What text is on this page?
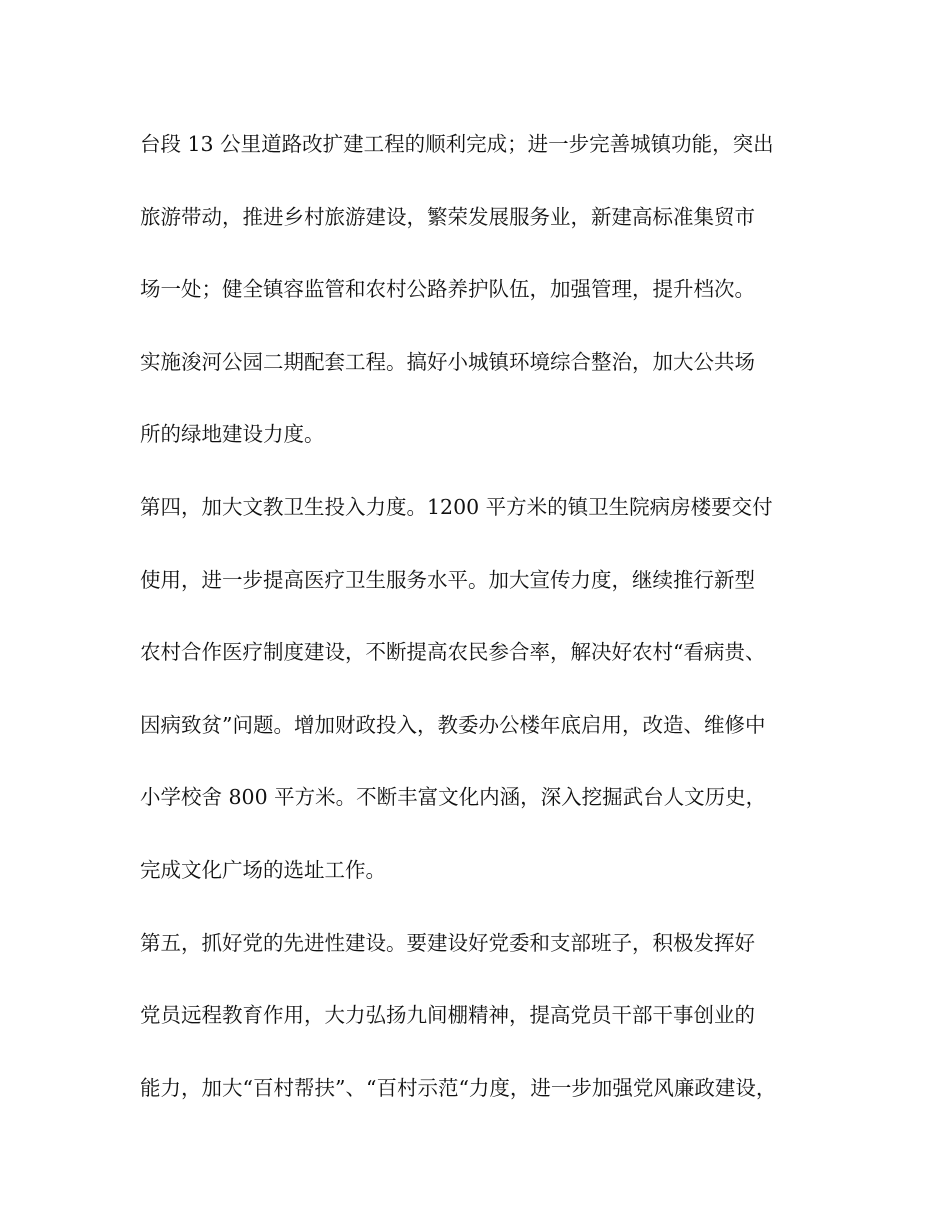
台段 13 公里道路改扩建工程的顺利完成；进一步完善城镇功能，突出
旅游带动，推进乡村旅游建设，繁荣发展服务业，新建高标准集贸市
场一处；健全镇容监管和农村公路养护队伍，加强管理，提升档次。
实施浚河公园二期配套工程。搞好小城镇环境综合整治，加大公共场
所的绿地建设力度。
第四，加大文教卫生投入力度。1200 平方米的镇卫生院病房楼要交付
使用，进一步提高医疗卫生服务水平。加大宣传力度，继续推行新型
农村合作医疗制度建设，不断提高农民参合率，解决好农村“看病贵、
因病致贫”问题。增加财政投入，教委办公楼年底启用，改造、维修中
小学校舍 800 平方米。不断丰富文化内涵，深入挖掘武台人文历史，
完成文化广场的选址工作。
第五，抓好党的先进性建设。要建设好党委和支部班子，积极发挥好
党员远程教育作用，大力弘扬九间棚精神，提高党员干部干事创业的
能力，加大“百村帮扶”、“百村示范“力度，进一步加强党风廉政建设，
